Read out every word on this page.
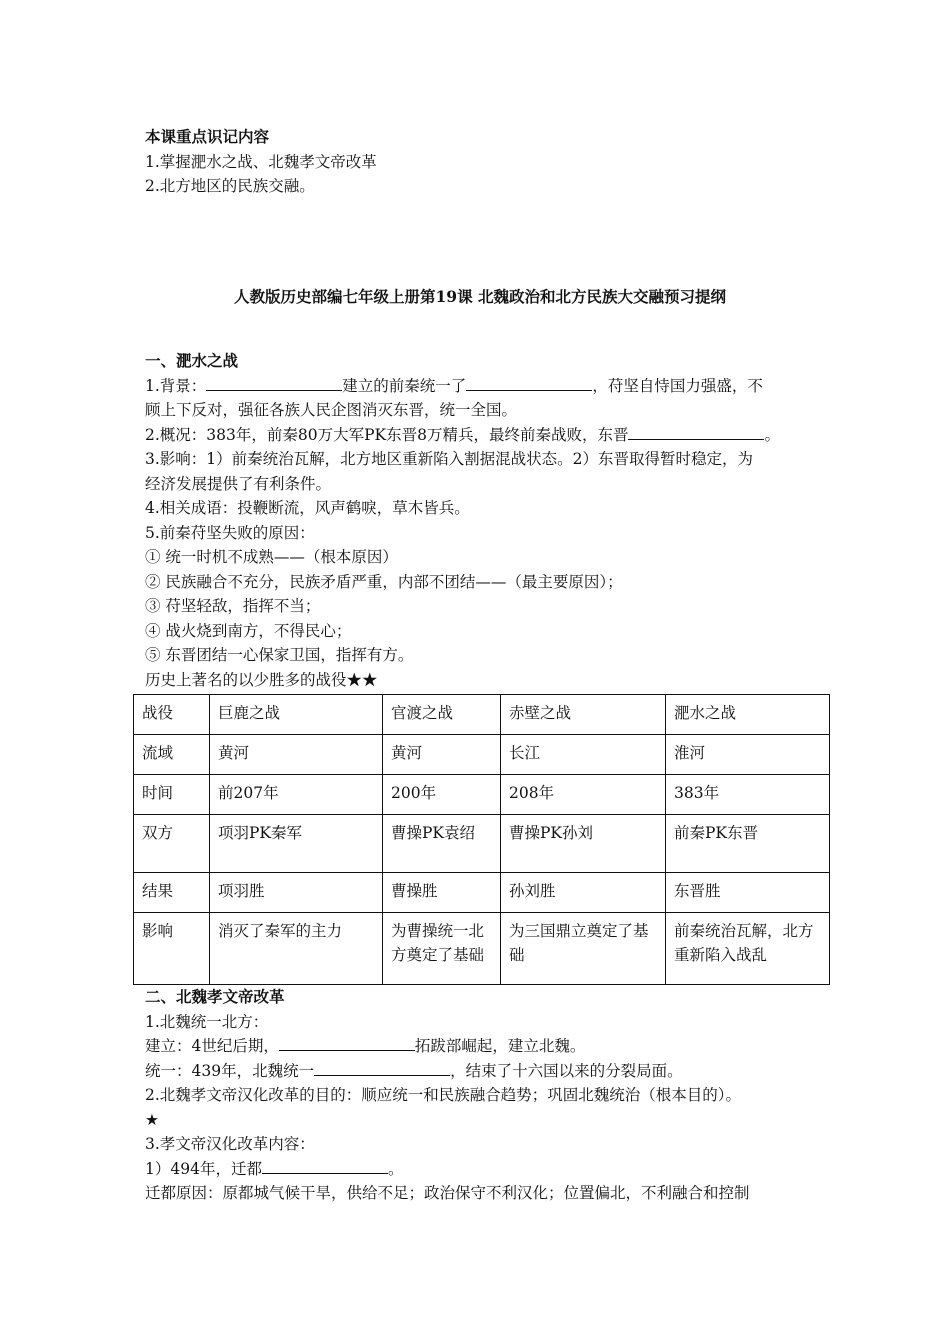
本课重点识记内容

1.掌握淝水之战、北魏孝文帝改革

2.北方地区的民族交融。

人教版历史部编七年级上册第19课 北魏政治和北方民族大交融预习提纲

一、淝水之战

1.背景：	建立的前秦统一了	，苻坚自恃国力强盛，不

顾上下反对，强征各族人民企图消灭东晋，统一全国。

2.概况：383年，前秦80万大军PK东晋8万精兵，最终前秦战败，东晋	。

3.影响：1）前秦统治瓦解，北方地区重新陷入割据混战状态。2）东晋取得暂时稳定，为

经济发展提供了有利条件。

4.相关成语：投鞭断流，风声鹤唳，草木皆兵。

5.前秦苻坚失败的原因：

① 统一时机不成熟——（根本原因）

② 民族融合不充分，民族矛盾严重，内部不团结——（最主要原因）；

③ 苻坚轻敌，指挥不当；

④ 战火烧到南方，不得民心；

⑤ 东晋团结一心保家卫国，指挥有方。

历史上著名的以少胜多的战役★★

战役	巨鹿之战	官渡之战	赤壁之战	淝水之战
流域	黄河	黄河	长江	淮河
时间	前207年	200年	208年	383年
双方	项羽PK秦军	曹操PK袁绍	曹操PK孙刘	前秦PK东晋
结果	项羽胜	曹操胜	孙刘胜	东晋胜
影响	消灭了秦军的主力	为曹操统一北方奠定了基础	为三国鼎立奠定了基础	前秦统治瓦解，北方重新陷入战乱

二、北魏孝文帝改革

1.北魏统一北方：

建立：4世纪后期，	拓跋部崛起，建立北魏。

统一：439年，北魏统一	，结束了十六国以来的分裂局面。

2.北魏孝文帝汉化改革的目的：顺应统一和民族融合趋势；巩固北魏统治（根本目的）。

★

3.孝文帝汉化改革内容：

1）494年，迁都	。

迁都原因：原都城气候干旱，供给不足；政治保守不利汉化；位置偏北，不利融合和控制
